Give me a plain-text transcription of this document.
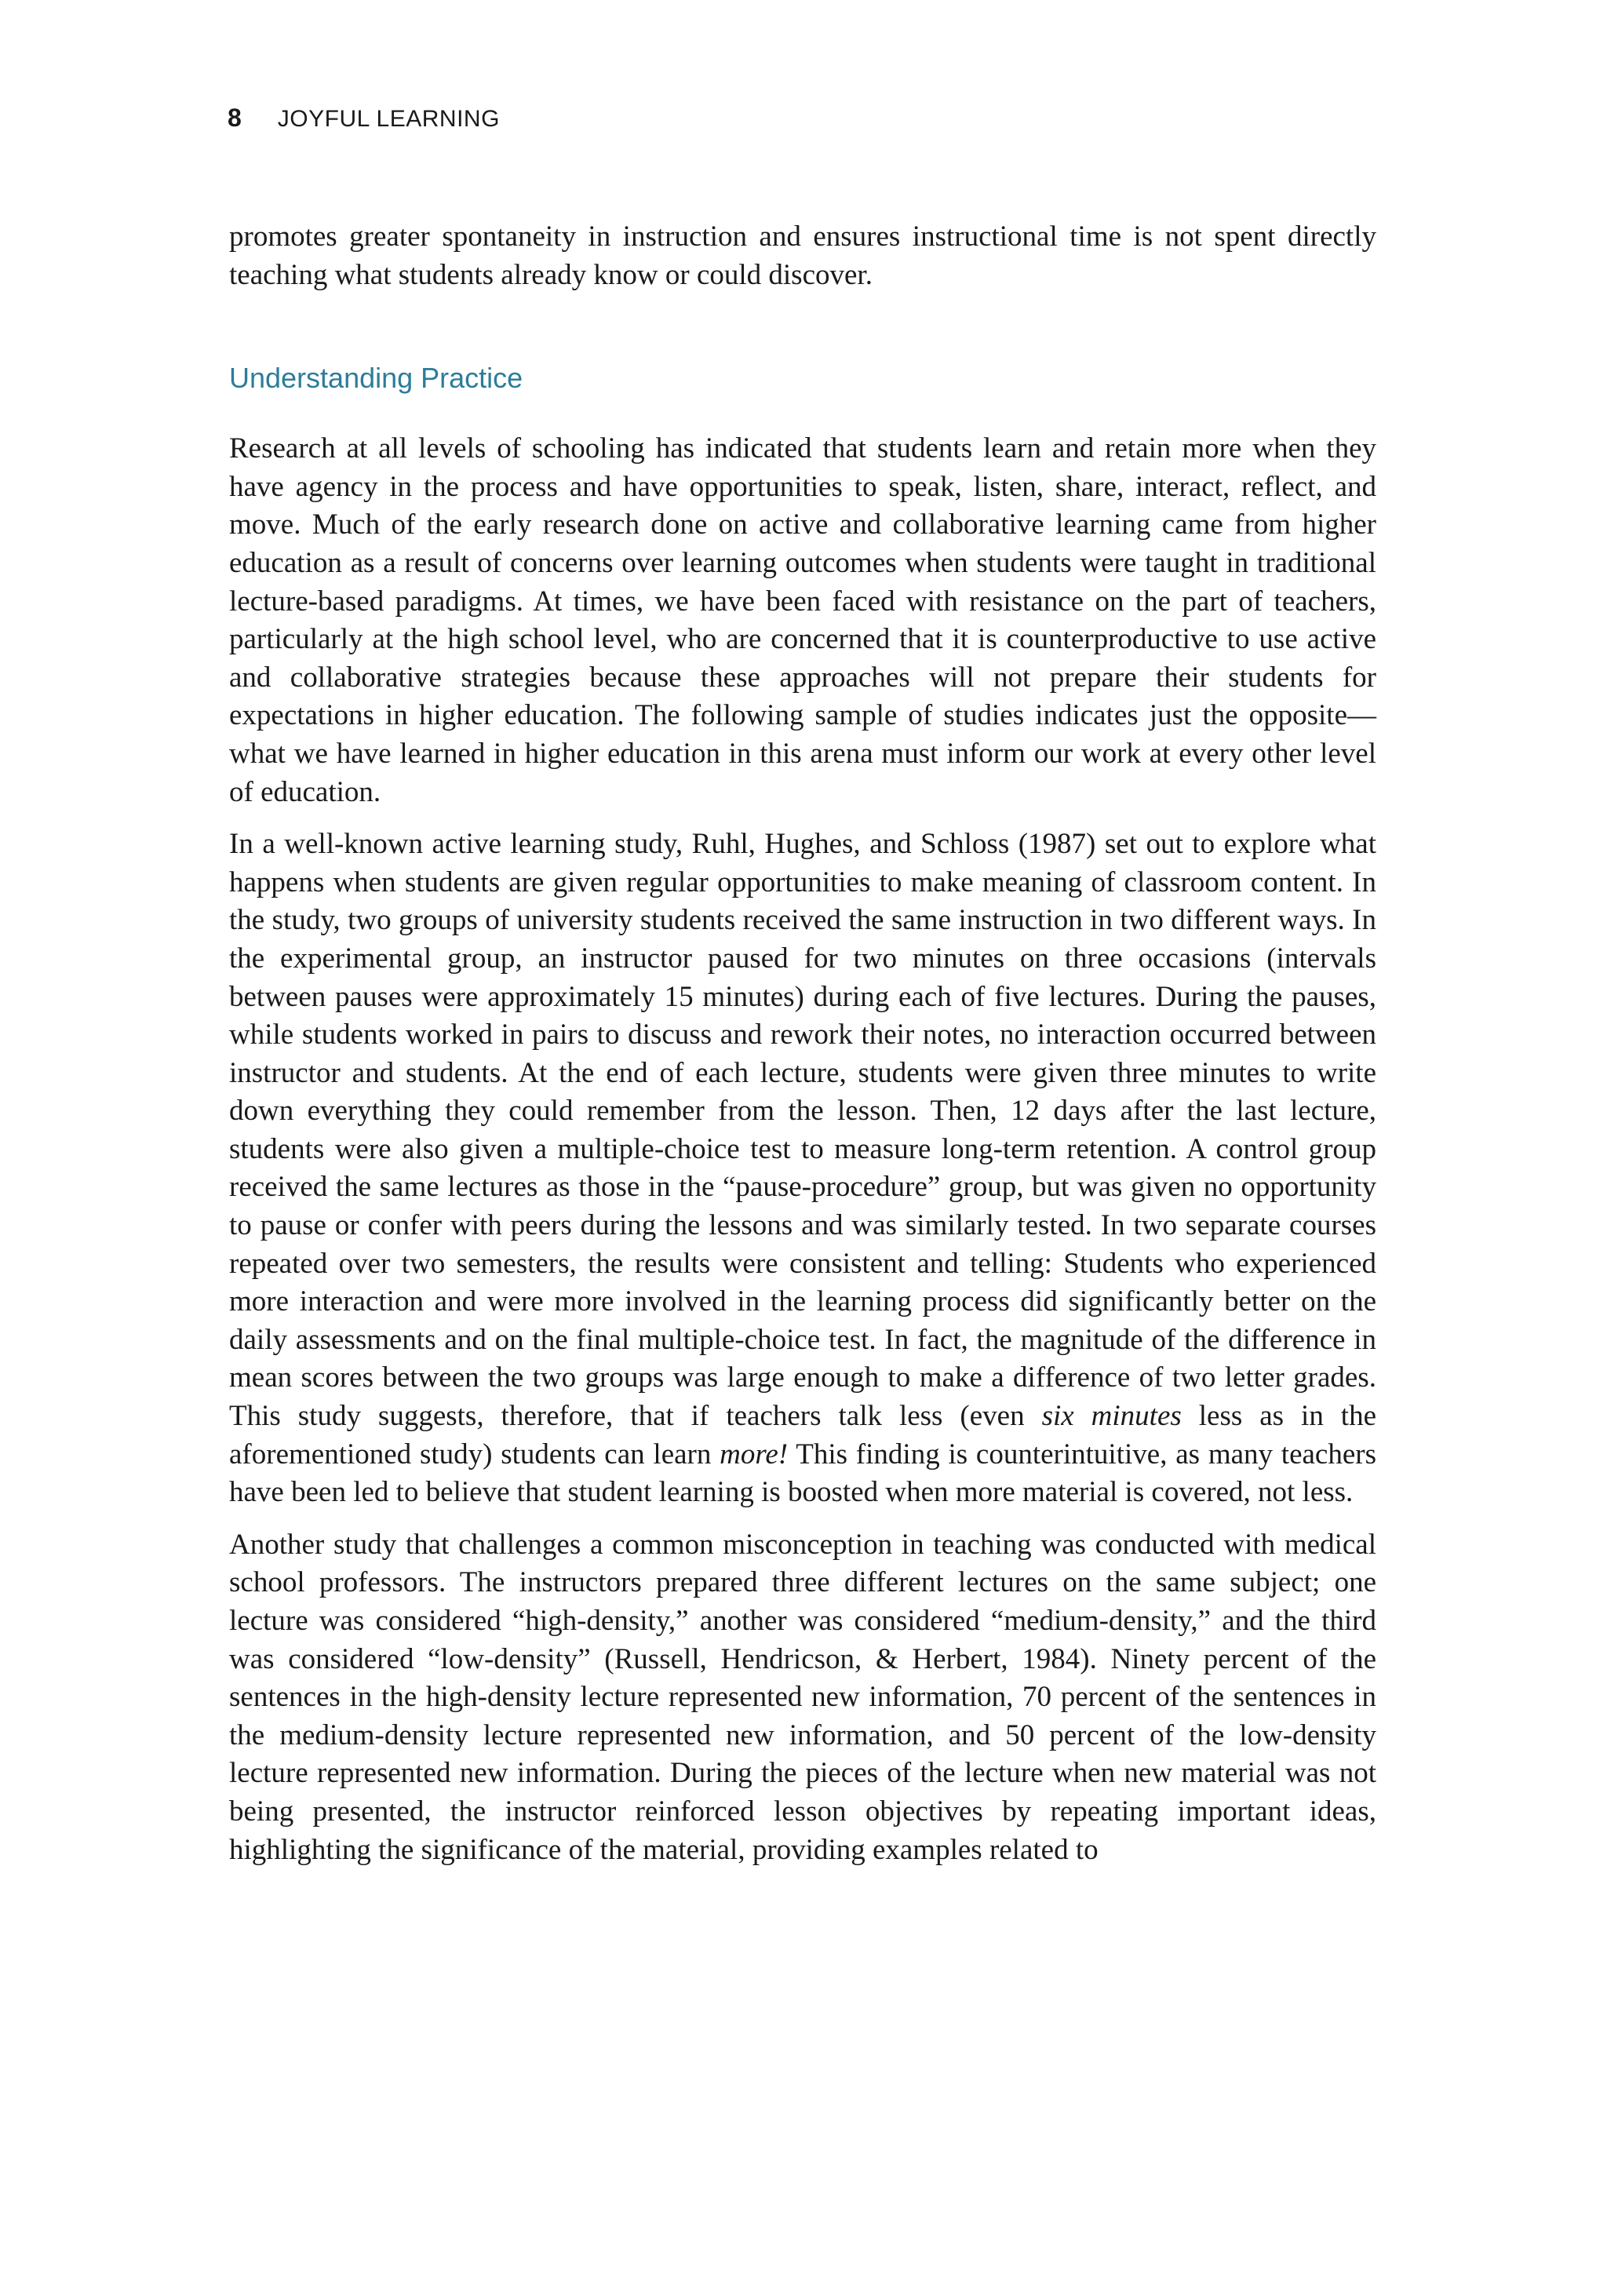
8 JOYFUL LEARNING

promotes greater spontaneity in instruction and ensures instructional time is not spent directly teaching what students already know or could discover.

Understanding Practice

Research at all levels of schooling has indicated that students learn and retain more when they have agency in the process and have opportunities to speak, listen, share, interact, reflect, and move. Much of the early research done on active and collaborative learning came from higher education as a result of concerns over learning outcomes when students were taught in traditional lecture-based paradigms. At times, we have been faced with resistance on the part of teachers, particularly at the high school level, who are concerned that it is counterproductive to use active and collaborative strategies because these approaches will not prepare their students for expectations in higher education. The following sample of studies indicates just the opposite—what we have learned in higher education in this arena must inform our work at every other level of education.

In a well-known active learning study, Ruhl, Hughes, and Schloss (1987) set out to explore what happens when students are given regular opportunities to make meaning of classroom content. In the study, two groups of university students received the same instruction in two different ways. In the experimental group, an instructor paused for two minutes on three occasions (intervals between pauses were approximately 15 minutes) during each of five lectures. During the pauses, while students worked in pairs to discuss and rework their notes, no interaction occurred between instructor and students. At the end of each lecture, students were given three minutes to write down everything they could remember from the lesson. Then, 12 days after the last lecture, students were also given a multiple-choice test to measure long-term retention. A control group received the same lectures as those in the “pause-procedure” group, but was given no opportunity to pause or confer with peers during the lessons and was similarly tested. In two separate courses repeated over two semesters, the results were consistent and telling: Students who experienced more interaction and were more involved in the learning process did significantly better on the daily assessments and on the final multiple-choice test. In fact, the magnitude of the difference in mean scores between the two groups was large enough to make a difference of two letter grades. This study suggests, therefore, that if teachers talk less (even six minutes less as in the aforementioned study) students can learn more! This finding is counterintuitive, as many teachers have been led to believe that student learning is boosted when more material is covered, not less.

Another study that challenges a common misconception in teaching was conducted with medical school professors. The instructors prepared three different lectures on the same subject; one lecture was considered “high-density,” another was considered “medium-density,” and the third was considered “low-density” (Russell, Hendricson, & Herbert, 1984). Ninety percent of the sentences in the high-density lecture represented new information, 70 percent of the sentences in the medium-density lecture represented new information, and 50 percent of the low-density lecture represented new information. During the pieces of the lecture when new material was not being presented, the instructor reinforced lesson objectives by repeating important ideas, highlighting the significance of the material, providing examples related to
